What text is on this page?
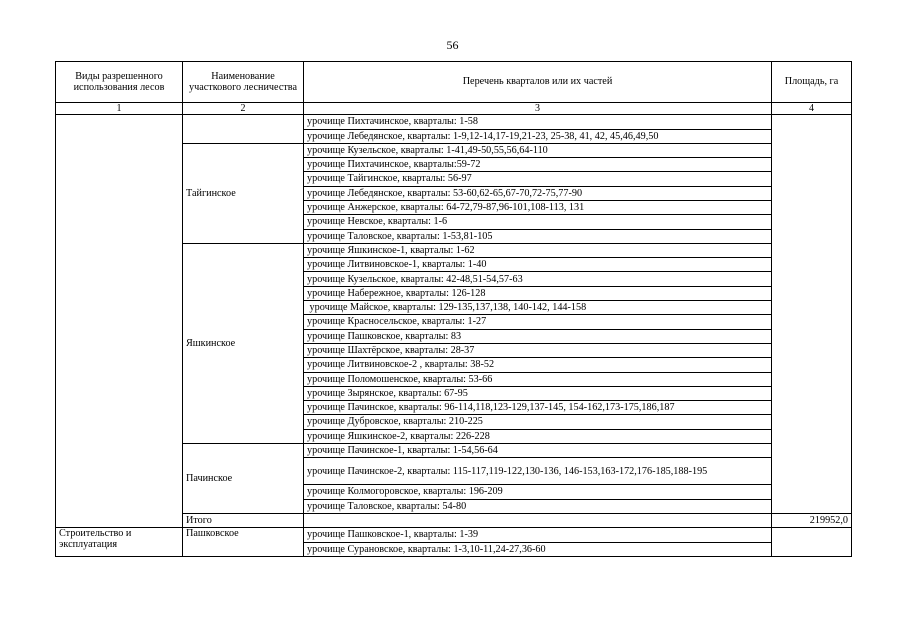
56
Виды разрешенного использования лесов	Наименование участкового лесничества	Перечень кварталов или их частей	Площадь, га
1	2	3	4
		урочище Пихтачинское, кварталы: 1-58	
		урочище Лебедянское, кварталы: 1-9,12-14,17-19,21-23, 25-38, 41, 42, 45,46,49,50	
	Тайгинское	урочище Кузельское, кварталы: 1-41,49-50,55,56,64-110	
		урочище Пихтачинское, кварталы:59-72	
		урочище Тайгинское, кварталы: 56-97	
		урочище Лебедянское, кварталы: 53-60,62-65,67-70,72-75,77-90	
		урочище Анжерское, кварталы: 64-72,79-87,96-101,108-113, 131	
		урочище Невское, кварталы: 1-6	
		урочище Таловское, кварталы: 1-53,81-105	
	Яшкинское	урочище Яшкинское-1, кварталы: 1-62	
		урочище Литвиновское-1, кварталы: 1-40	
		урочище Кузельское, кварталы: 42-48,51-54,57-63	
		урочище Набережное, кварталы: 126-128	
		урочище Майское, кварталы: 129-135,137,138, 140-142, 144-158	
		урочище Красносельское, кварталы: 1-27	
		урочище Пашковское, кварталы: 83	
		урочище Шахтёрское, кварталы: 28-37	
		урочище Литвиновское-2 , кварталы: 38-52	
		урочище Поломошенское, кварталы: 53-66	
		урочище Зырянское, кварталы: 67-95	
		урочище Пачинское, кварталы: 96-114,118,123-129,137-145, 154-162,173-175,186,187	
		урочище Дубровское, кварталы: 210-225	
		урочище Яшкинское-2, кварталы: 226-228	
	Пачинское	урочище Пачинское-1, кварталы: 1-54,56-64	
		урочище Пачинское-2, кварталы: 115-117,119-122,130-136, 146-153,163-172,176-185,188-195	
		урочище Колмогоровское, кварталы: 196-209	
		урочище Таловское, кварталы: 54-80	
	Итого		219952,0
Строительство и эксплуатация	Пашковское	урочище Пашковское-1, кварталы: 1-39	
		урочище Сурановское, кварталы: 1-3,10-11,24-27,36-60	
